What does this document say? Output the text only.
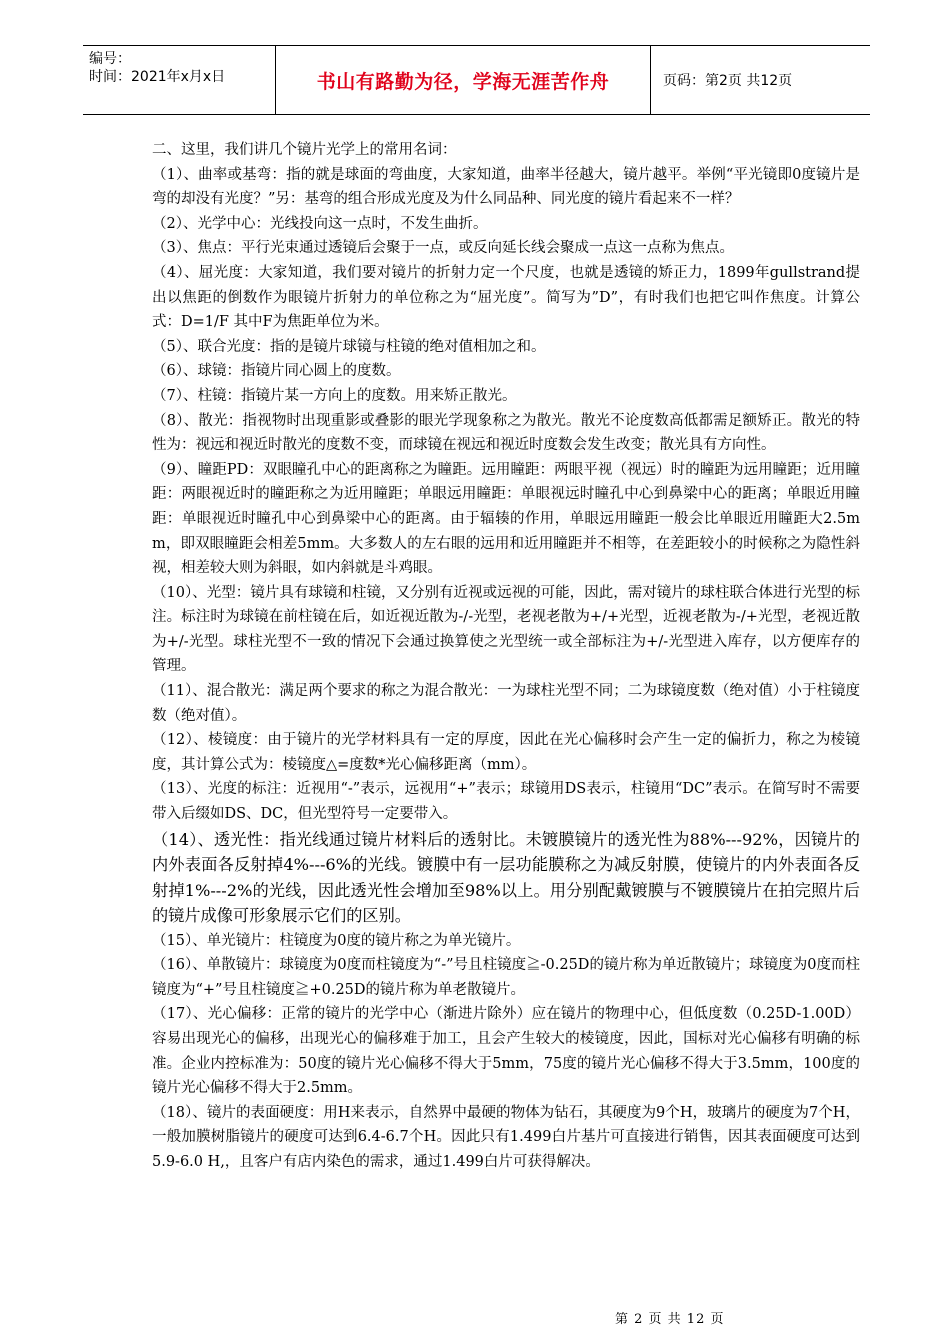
编号：
时间：2021年x月x日	书山有路勤为径，学海无涯苦作舟	页码：第2页 共12页

二、这里，我们讲几个镜片光学上的常用名词：

（1）、曲率或基弯：指的就是球面的弯曲度，大家知道，曲率半径越大，镜片越平。举例“平光镜即0度镜片是弯的却没有光度？”另：基弯的组合形成光度及为什么同品种、同光度的镜片看起来不一样？

（2）、光学中心：光线投向这一点时，不发生曲折。

（3）、焦点：平行光束通过透镜后会聚于一点，或反向延长线会聚成一点这一点称为焦点。

（4）、屈光度：大家知道，我们要对镜片的折射力定一个尺度，也就是透镜的矫正力，1899年gullstrand提出以焦距的倒数作为眼镜片折射力的单位称之为“屈光度”。简写为”D”，有时我们也把它叫作焦度。计算公式：D=1/F 其中F为焦距单位为米。

（5）、联合光度：指的是镜片球镜与柱镜的绝对值相加之和。

（6）、球镜：指镜片同心圆上的度数。

（7）、柱镜：指镜片某一方向上的度数。用来矫正散光。

（8）、散光：指视物时出现重影或叠影的眼光学现象称之为散光。散光不论度数高低都需足额矫正。散光的特性为：视远和视近时散光的度数不变，而球镜在视远和视近时度数会发生改变；散光具有方向性。

（9）、瞳距PD：双眼瞳孔中心的距离称之为瞳距。远用瞳距：两眼平视（视远）时的瞳距为远用瞳距；近用瞳距：两眼视近时的瞳距称之为近用瞳距；单眼远用瞳距：单眼视远时瞳孔中心到鼻梁中心的距离；单眼近用瞳距：单眼视近时瞳孔中心到鼻梁中心的距离。由于辐辏的作用，单眼远用瞳距一般会比单眼近用瞳距大2.5m m，即双眼瞳距会相差5mm。大多数人的左右眼的远用和近用瞳距并不相等，在差距较小的时候称之为隐性斜视，相差较大则为斜眼，如内斜就是斗鸡眼。

（10）、光型：镜片具有球镜和柱镜，又分别有近视或远视的可能，因此，需对镜片的球柱联合体进行光型的标注。标注时为球镜在前柱镜在后，如近视近散为-/-光型，老视老散为+/+光型，近视老散为-/+光型，老视近散为+/-光型。球柱光型不一致的情况下会通过换算使之光型统一或全部标注为+/-光型进入库存，以方便库存的管理。

（11）、混合散光：满足两个要求的称之为混合散光：一为球柱光型不同；二为球镜度数（绝对值）小于柱镜度数（绝对值）。

（12）、棱镜度：由于镜片的光学材料具有一定的厚度，因此在光心偏移时会产生一定的偏折力，称之为棱镜度，其计算公式为：棱镜度△=度数*光心偏移距离（mm）。

（13）、光度的标注：近视用“-”表示，远视用“+”表示；球镜用DS表示，柱镜用“DC”表示。在简写时不需要带入后缀如DS、DC，但光型符号一定要带入。

（14）、透光性：指光线通过镜片材料后的透射比。未镀膜镜片的透光性为88%---92%，因镜片的内外表面各反射掉4%---6%的光线。镀膜中有一层功能膜称之为减反射膜，使镜片的内外表面各反射掉1%---2%的光线，因此透光性会增加至98%以上。用分别配戴镀膜与不镀膜镜片在拍完照片后的镜片成像可形象展示它们的区别。

（15）、单光镜片：柱镜度为0度的镜片称之为单光镜片。

（16）、单散镜片：球镜度为0度而柱镜度为“-”号且柱镜度≧-0.25D的镜片称为单近散镜片；球镜度为0度而柱镜度为“+”号且柱镜度≧+0.25D的镜片称为单老散镜片。

（17）、光心偏移：正常的镜片的光学中心（渐进片除外）应在镜片的物理中心，但低度数（0.25D-1.00D）容易出现光心的偏移，出现光心的偏移难于加工，且会产生较大的棱镜度，因此，国标对光心偏移有明确的标准。企业内控标准为：50度的镜片光心偏移不得大于5mm，75度的镜片光心偏移不得大于3.5mm，100度的镜片光心偏移不得大于2.5mm。

（18）、镜片的表面硬度：用H来表示，自然界中最硬的物体为钻石，其硬度为9个H，玻璃片的硬度为7个H，一般加膜树脂镜片的硬度可达到6.4-6.7个H。因此只有1.499白片基片可直接进行销售，因其表面硬度可达到5.9-6.0 H,，且客户有店内染色的需求，通过1.499白片可获得解决。

第 2 页 共 12 页
